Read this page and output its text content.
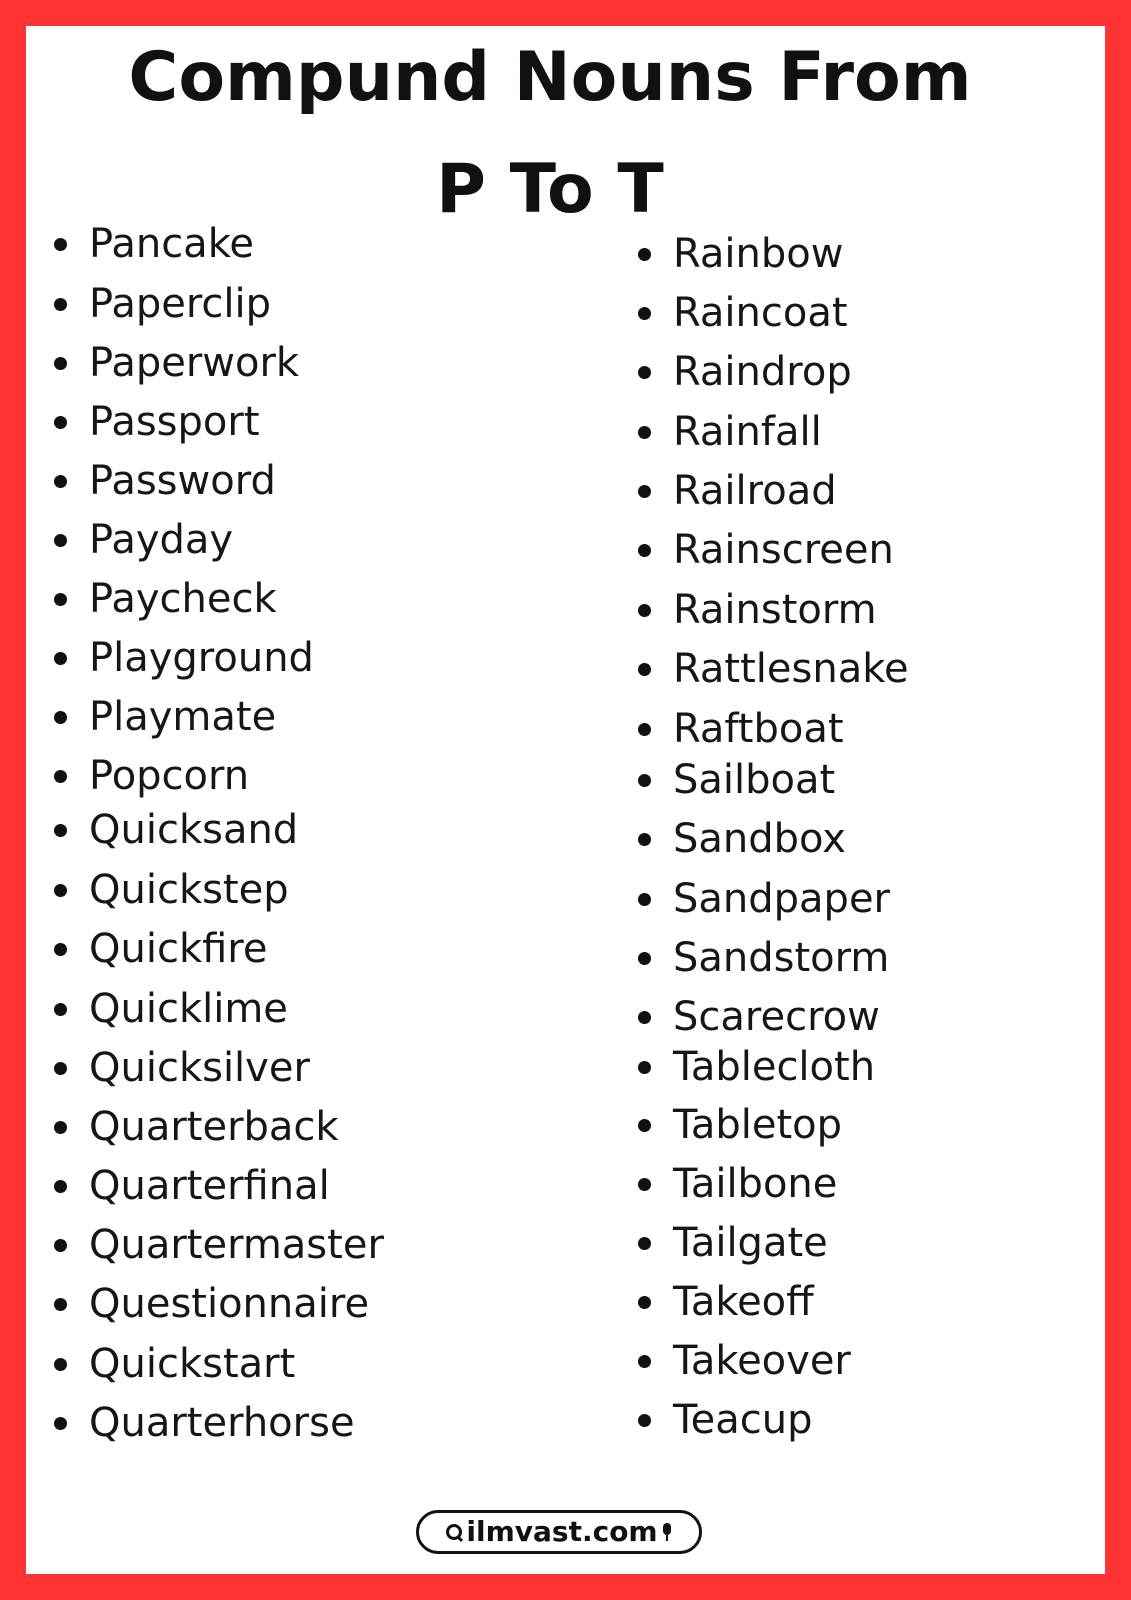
Compund Nouns From
P To T
Pancake
Paperclip
Paperwork
Passport
Password
Payday
Paycheck
Playground
Playmate
Popcorn
Quicksand
Quickstep
Quickfire
Quicklime
Quicksilver
Quarterback
Quarterfinal
Quartermaster
Questionnaire
Quickstart
Quarterhorse
Rainbow
Raincoat
Raindrop
Rainfall
Railroad
Rainscreen
Rainstorm
Rattlesnake
Raftboat
Sailboat
Sandbox
Sandpaper
Sandstorm
Scarecrow
Tablecloth
Tabletop
Tailbone
Tailgate
Takeoff
Takeover
Teacup
ilmvast.com
